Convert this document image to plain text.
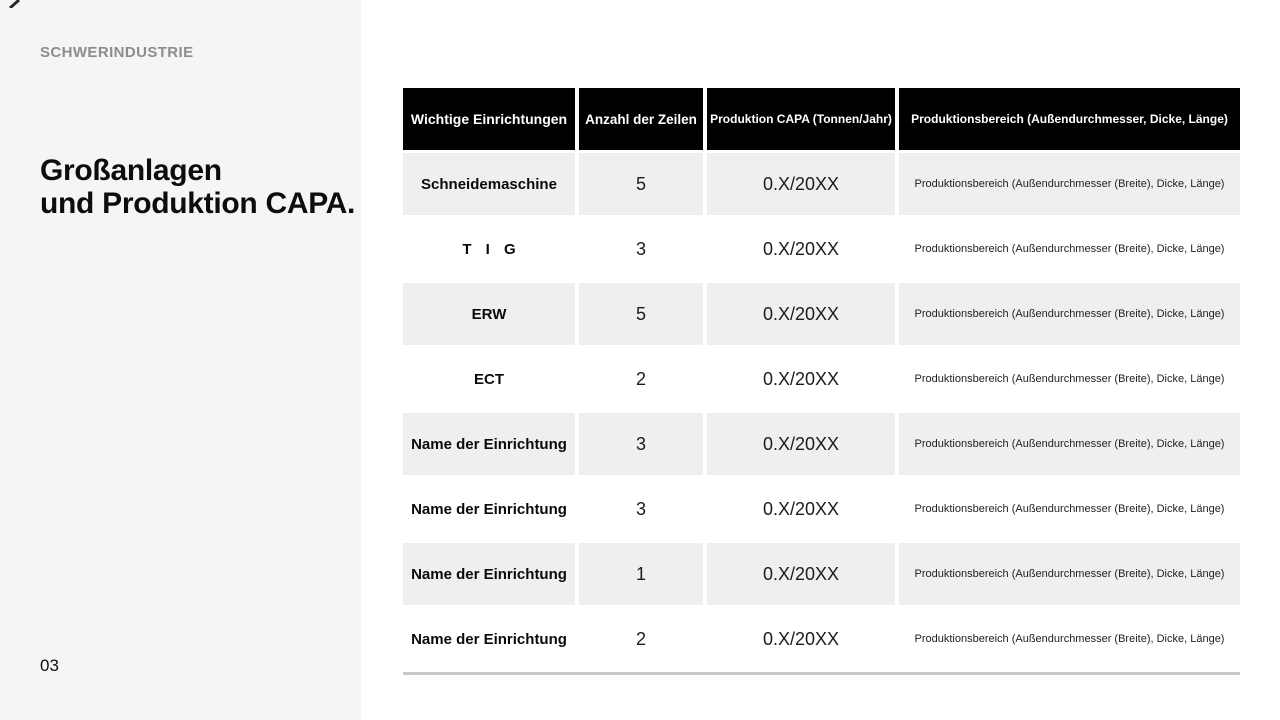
SCHWERINDUSTRIE
Großanlagen
und Produktion CAPA.
03
Wichtige Einrichtungen	Anzahl der Zeilen	Produktion CAPA (Tonnen/Jahr)	Produktionsbereich (Außendurchmesser, Dicke, Länge)
Schneidemaschine	5	0.X/20XX	Produktionsbereich (Außendurchmesser (Breite), Dicke, Länge)
T I G	3	0.X/20XX	Produktionsbereich (Außendurchmesser (Breite), Dicke, Länge)
ERW	5	0.X/20XX	Produktionsbereich (Außendurchmesser (Breite), Dicke, Länge)
ECT	2	0.X/20XX	Produktionsbereich (Außendurchmesser (Breite), Dicke, Länge)
Name der Einrichtung	3	0.X/20XX	Produktionsbereich (Außendurchmesser (Breite), Dicke, Länge)
Name der Einrichtung	3	0.X/20XX	Produktionsbereich (Außendurchmesser (Breite), Dicke, Länge)
Name der Einrichtung	1	0.X/20XX	Produktionsbereich (Außendurchmesser (Breite), Dicke, Länge)
Name der Einrichtung	2	0.X/20XX	Produktionsbereich (Außendurchmesser (Breite), Dicke, Länge)
